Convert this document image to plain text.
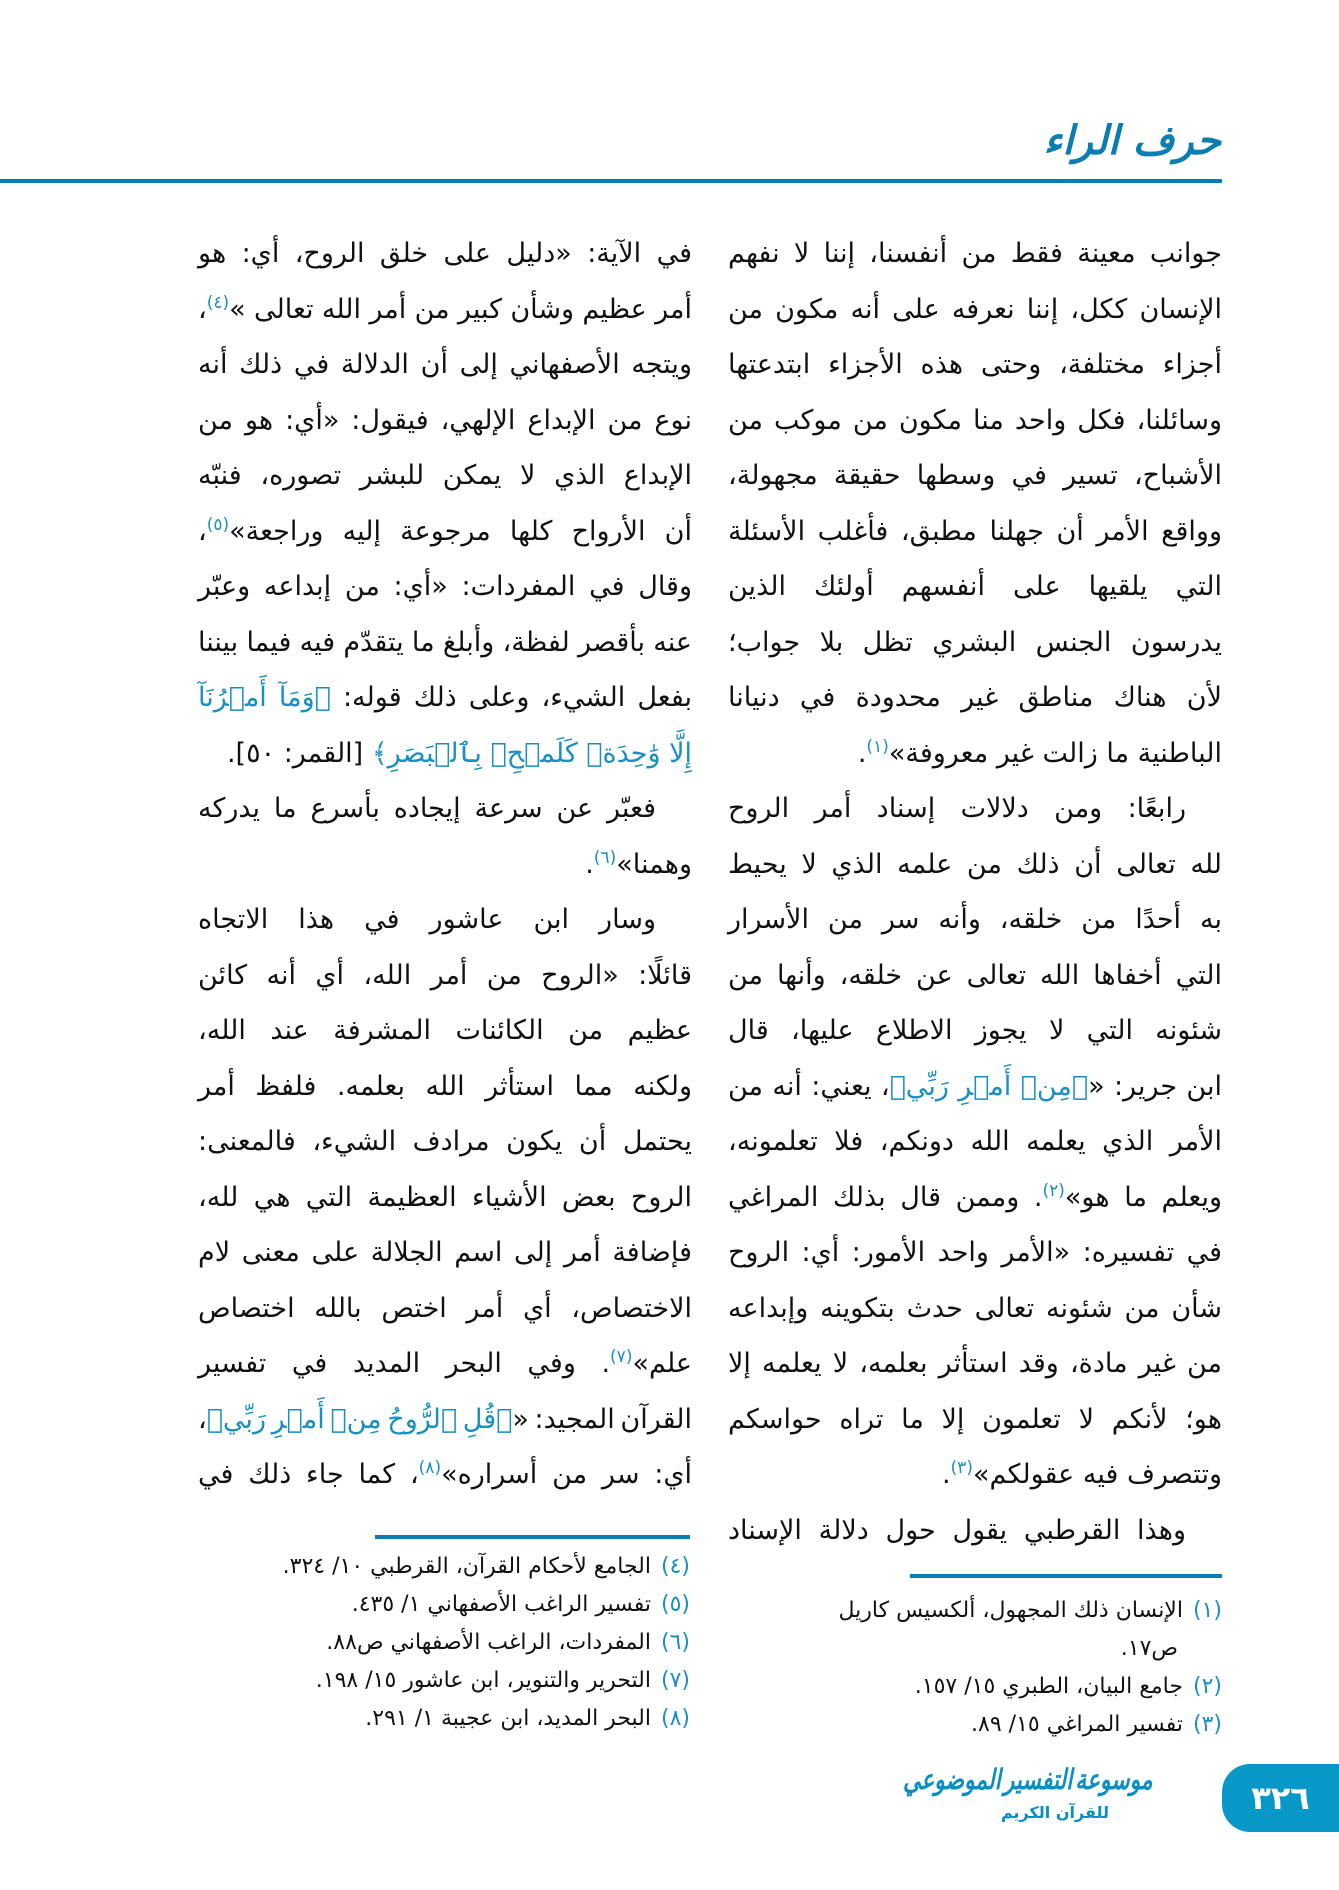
حرف الراء
جوانب معينة فقط من أنفسنا، إننا لا نفهم
الإنسان ككل، إننا نعرفه على أنه مكون من
أجزاء مختلفة، وحتى هذه الأجزاء ابتدعتها
وسائلنا، فكل واحد منا مكون من موكب من
الأشباح، تسير في وسطها حقيقة مجهولة،
وواقع الأمر أن جهلنا مطبق، فأغلب الأسئلة
التي يلقيها على أنفسهم أولئك الذين
يدرسون الجنس البشري تظل بلا جواب؛
لأن هناك مناطق غير محدودة في دنيانا
الباطنية ما زالت غير معروفة»$^{(١)}$.
رابعًا: ومن دلالات إسناد أمر الروح
لله تعالى أن ذلك من علمه الذي لا يحيط
به أحدًا من خلقه، وأنه سر من الأسرار
التي أخفاها الله تعالى عن خلقه، وأنها من
شئونه التي لا يجوز الاطلاع عليها، قال
ابن جرير: «﴿مِنۡ أَمۡرِ رَبِّي﴾، يعني: أنه من
الأمر الذي يعلمه الله دونكم، فلا تعلمونه،
ويعلم ما هو»$^{(٢)}$. وممن قال بذلك المراغي
في تفسيره: «الأمر واحد الأمور: أي: الروح
شأن من شئونه تعالى حدث بتكوينه وإبداعه
من غير مادة، وقد استأثر بعلمه، لا يعلمه إلا
هو؛ لأنكم لا تعلمون إلا ما تراه حواسكم
وتتصرف فيه عقولكم»$^{(٣)}$.
وهذا القرطبي يقول حول دلالة الإسناد
في الآية: «دليل على خلق الروح، أي: هو
أمر عظيم وشأن كبير من أمر الله تعالى »$^{(٤)}$،
ويتجه الأصفهاني إلى أن الدلالة في ذلك أنه
نوع من الإبداع الإلهي، فيقول: «أي: هو من
الإبداع الذي لا يمكن للبشر تصوره، فنبّه
أن الأرواح كلها مرجوعة إليه وراجعة»$^{(٥)}$،
وقال في المفردات: «أي: من إبداعه وعبّر
عنه بأقصر لفظة، وأبلغ ما يتقدّم فيه فيما بيننا
بفعل الشيء، وعلى ذلك قوله: ﴿وَمَآ أَمۡرُنَآ
إِلَّا وَٰحِدَةٞ كَلَمۡحِۭ بِٱلۡبَصَرِ﴾ [القمر: ٥٠].
فعبّر عن سرعة إيجاده بأسرع ما يدركه
وهمنا»$^{(٦)}$.
وسار ابن عاشور في هذا الاتجاه
قائلًا: «الروح من أمر الله، أي أنه كائن
عظيم من الكائنات المشرفة عند الله،
ولكنه مما استأثر الله بعلمه. فلفظ أمر
يحتمل أن يكون مرادف الشيء، فالمعنى:
الروح بعض الأشياء العظيمة التي هي لله،
فإضافة أمر إلى اسم الجلالة على معنى لام
الاختصاص، أي أمر اختص بالله اختصاص
علم»$^{(٧)}$. وفي البحر المديد في تفسير
القرآن المجيد: «﴿قُلِ ٱلرُّوحُ مِنۡ أَمۡرِ رَبِّي﴾،
أي: سر من أسراره»$^{(٨)}$، كما جاء ذلك في
(١)الإنسان ذلك المجهول، ألكسيس كاريل
ص١٧.
(٢)جامع البيان، الطبري ١٥/ ١٥٧.
(٣)تفسير المراغي ١٥/ ٨٩.
(٤)الجامع لأحكام القرآن، القرطبي ١٠/ ٣٢٤.
(٥)تفسير الراغب الأصفهاني ١/ ٤٣٥.
(٦)المفردات، الراغب الأصفهاني ص٨٨.
(٧)التحرير والتنوير، ابن عاشور ١٥/ ١٩٨.
(٨)البحر المديد، ابن عجيبة ١/ ٢٩١.
موسوعة التفسير الموضوعي
للقرآن الكريم	٣٢٦
